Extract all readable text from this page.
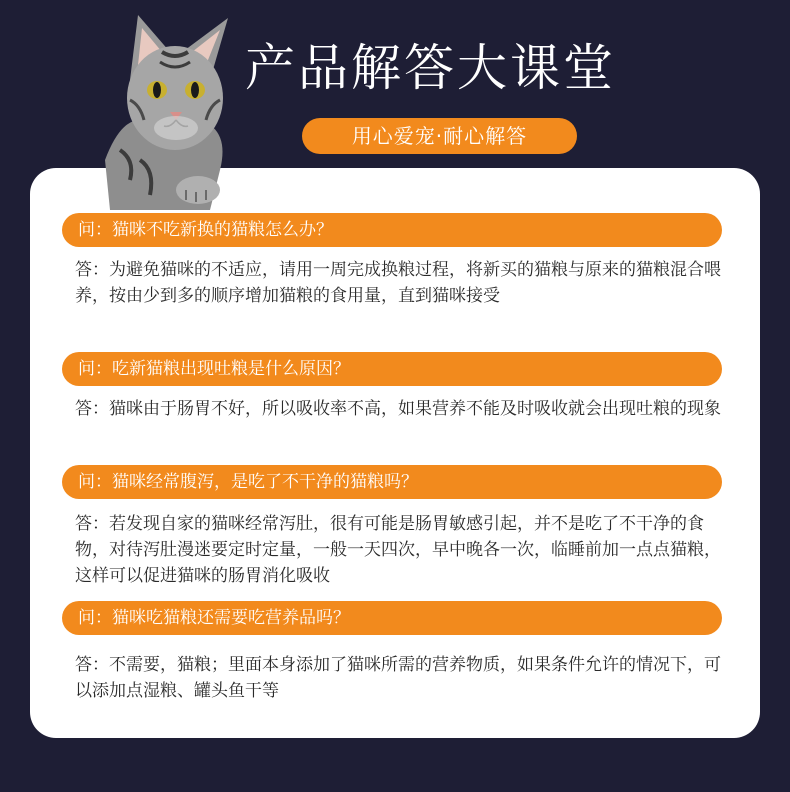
产品解答大课堂
用心爱宠·耐心解答
问：猫咪不吃新换的猫粮怎么办？
答：为避免猫咪的不适应，请用一周完成换粮过程，将新买的猫粮与原来的猫粮混合喂养，按由少到多的顺序增加猫粮的食用量，直到猫咪接受
问：吃新猫粮出现吐粮是什么原因？
答：猫咪由于肠胃不好，所以吸收率不高，如果营养不能及时吸收就会出现吐粮的现象
问：猫咪经常腹泻，是吃了不干净的猫粮吗？
答：若发现自家的猫咪经常泻肚，很有可能是肠胃敏感引起，并不是吃了不干净的食物，对待泻肚漫迷要定时定量，一般一天四次，早中晚各一次，临睡前加一点点猫粮，这样可以促进猫咪的肠胃消化吸收
问：猫咪吃猫粮还需要吃营养品吗？
答：不需要，猫粮；里面本身添加了猫咪所需的营养物质，如果条件允许的情况下，可以添加点湿粮、罐头鱼干等
